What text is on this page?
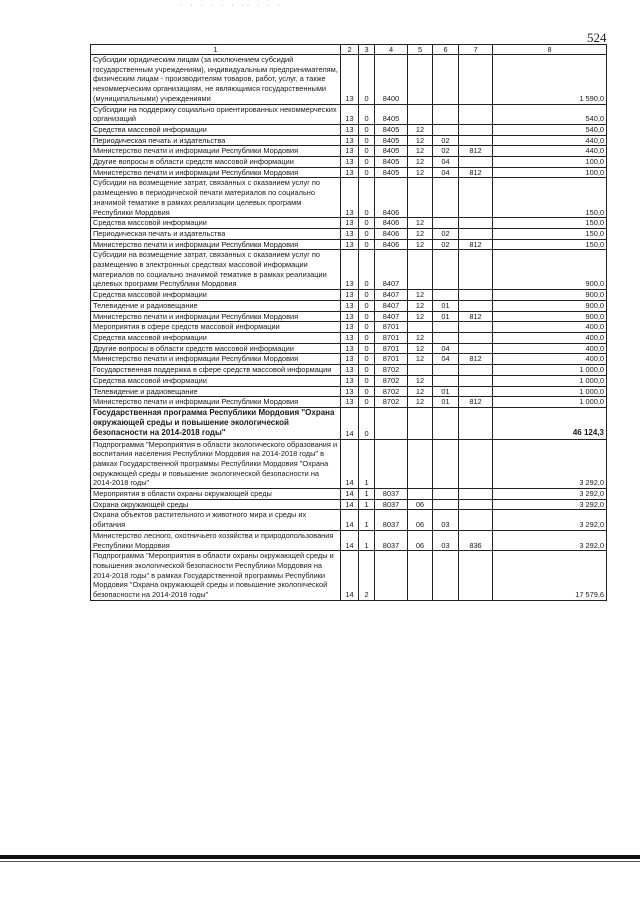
· · · · · · ·· · · ·
524
1	2	3	4	5	6	7	8
Субсидии юридическим лицам (за исключением субсидий государственным учреждениям), индивидуальным предпринимателям, физическим лицам - производителям товаров, работ, услуг, а также некоммерческим организациям, не являющимся государственными (муниципальными) учреждениями	13	0	8400				1 590,0
Субсидии на поддержку социально ориентированных некоммерческих организаций	13	0	8405				540,0
Средства массовой информации	13	0	8405	12			540,0
Периодическая печать и издательства	13	0	8405	12	02		440,0
Министерство печати и информации Республики Мордовия	13	0	8405	12	02	812	440,0
Другие вопросы в области средств массовой информации	13	0	8405	12	04		100,0
Министерство печати и информации Республики Мордовия	13	0	8405	12	04	812	100,0
Субсидии на возмещение затрат, связанных с оказанием услуг по размещению в периодической печати материалов по социально значимой тематике в рамках реализации целевых программ Республики Мордовия	13	0	8406				150,0
Средства массовой информации	13	0	8406	12			150,0
Периодическая печать и издательства	13	0	8406	12	02		150,0
Министерство печати и информации Республики Мордовия	13	0	8406	12	02	812	150,0
Субсидии на возмещение затрат, связанных с оказанием услуг по размещению в электронных средствах массовой информации материалов по социально значимой тематике в рамках реализации целевых программ Республики Мордовия	13	0	8407				900,0
Средства массовой информации	13	0	8407	12			900,0
Телевидение и радиовещание	13	0	8407	12	01		900,0
Министерство печати и информации Республики Мордовия	13	0	8407	12	01	812	900,0
Мероприятия в сфере средств массовой информации	13	0	8701				400,0
Средства массовой информации	13	0	8701	12			400,0
Другие вопросы в области средств массовой информации	13	0	8701	12	04		400,0
Министерство печати и информации Республики Мордовия	13	0	8701	12	04	812	400,0
Государственная поддержка в сфере средств массовой информации	13	0	8702				1 000,0
Средства массовой информации	13	0	8702	12			1 000,0
Телевидение и радиовещание	13	0	8702	12	01		1 000,0
Министерство печати и информации Республики Мордовия	13	0	8702	12	01	812	1 000,0
Государственная программа Республики Мордовия "Охрана окружающей среды и повышение экологической безопасности на 2014-2018 годы"	14	0					46 124,3
Подпрограмма "Мероприятия в области экологического образования и воспитания населения Республики Мордовия на 2014-2018 годы" в рамках Государственной программы Республики Мордовия "Охрана окружающей среды и повышение экологической безопасности на 2014-2018 годы"	14	1					3 292,0
Мероприятия в области охраны окружающей среды	14	1	8037				3 292,0
Охрана окружающей среды	14	1	8037	06			3 292,0
Охрана объектов растительного и животного мира и среды их обитания	14	1	8037	06	03		3 292,0
Министерство лесного, охотничьего хозяйства и природопользования Республики Мордовия	14	1	8037	06	03	836	3 292,0
Подпрограмма "Мероприятия в области охраны окружающей среды и повышения экологической безопасности Республики Мордовия на 2014-2018 годы" в рамках Государственной программы Республики Мордовия "Охрана окружающей среды и повышение экологической безопасности на 2014-2018 годы"	14	2					17 579,6
